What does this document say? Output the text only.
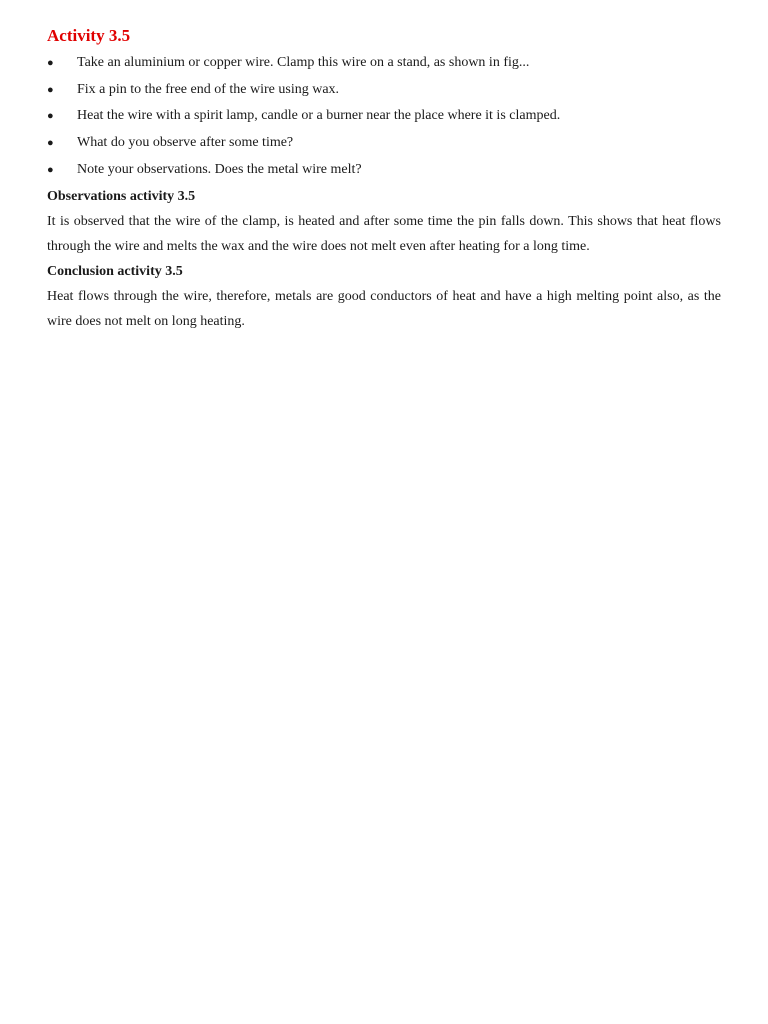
Activity 3.5
● Take an aluminium or copper wire. Clamp this wire on a stand, as shown in fig...
● Fix a pin to the free end of the wire using wax.
● Heat the wire with a spirit lamp, candle or a burner near the place where it is clamped.
● What do you observe after some time?
● Note your observations. Does the metal wire melt?
Observations activity 3.5

It is observed that the wire of the clamp, is heated and after some time the pin falls down. This shows that heat flows through the wire and melts the wax and the wire does not melt even after heating for a long time.

Conclusion activity 3.5

Heat flows through the wire, therefore, metals are good conductors of heat and have a high melting point also, as the wire does not melt on long heating.
